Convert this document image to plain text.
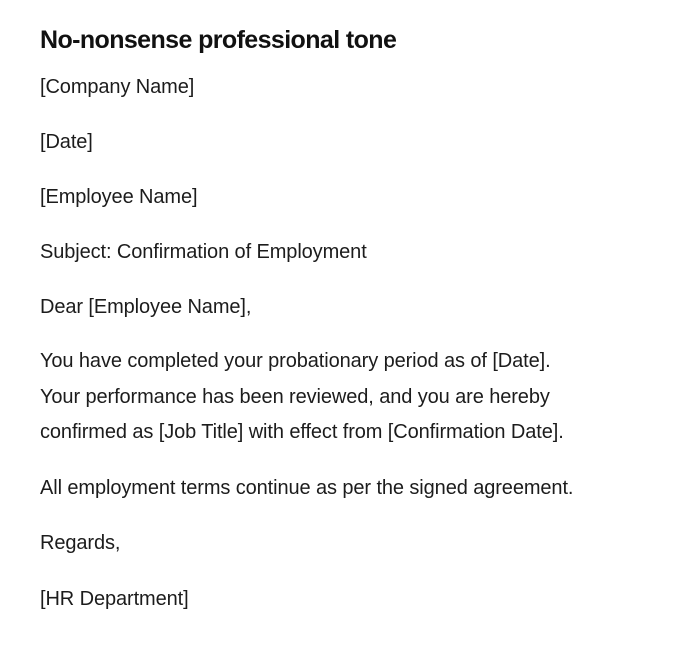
No-nonsense professional tone

[Company Name]

[Date]

[Employee Name]

Subject: Confirmation of Employment

Dear [Employee Name],

You have completed your probationary period as of [Date].
Your performance has been reviewed, and you are hereby
confirmed as [Job Title] with effect from [Confirmation Date].

All employment terms continue as per the signed agreement.

Regards,

[HR Department]
